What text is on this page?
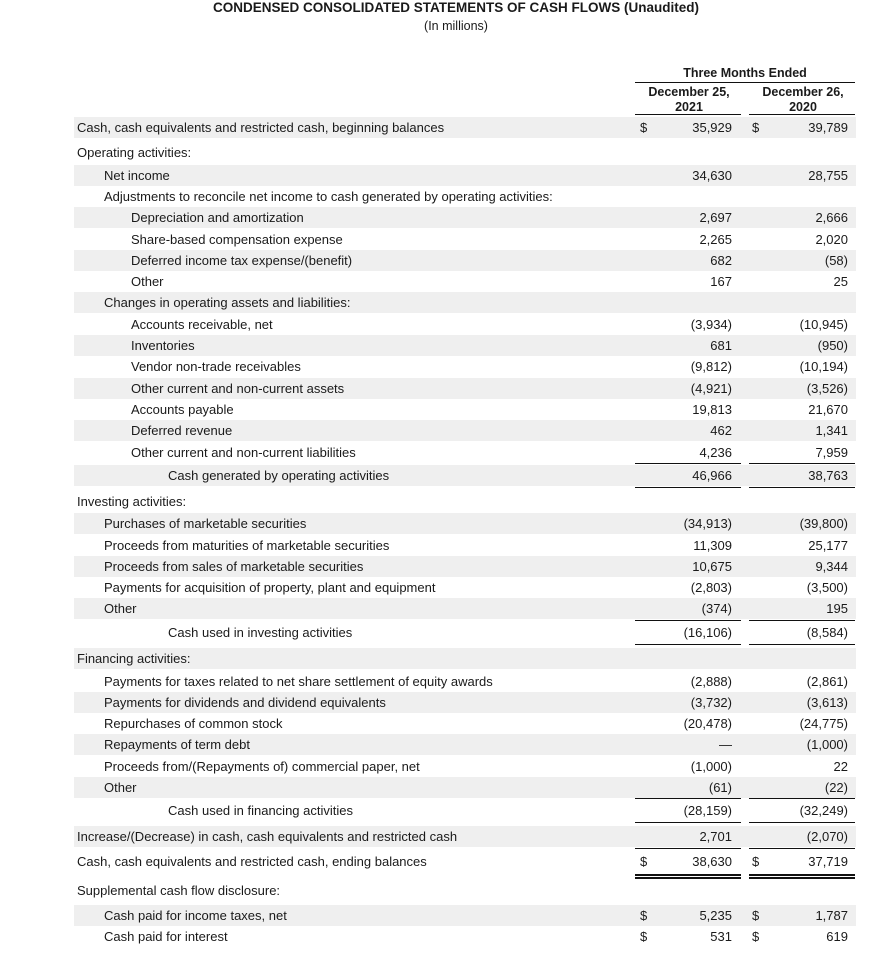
CONDENSED CONSOLIDATED STATEMENTS OF CASH FLOWS (Unaudited)
(In millions)
Three Months Ended
December 25,
2021
December 26,
2020
Cash, cash equivalents and restricted cash, beginning balances	$	35,929 $	39,789
Operating activities:
Net income	34,630	28,755
Adjustments to reconcile net income to cash generated by operating activities:
Depreciation and amortization	2,697	2,666
Share-based compensation expense	2,265	2,020
Deferred income tax expense/(benefit)	682	(58)
Other	167	25
Changes in operating assets and liabilities:
Accounts receivable, net	(3,934)	(10,945)
Inventories	681	(950)
Vendor non-trade receivables	(9,812)	(10,194)
Other current and non-current assets	(4,921)	(3,526)
Accounts payable	19,813	21,670
Deferred revenue	462	1,341
Other current and non-current liabilities	4,236	7,959
Cash generated by operating activities	46,966	38,763
Investing activities:
Purchases of marketable securities	(34,913)	(39,800)
Proceeds from maturities of marketable securities	11,309	25,177
Proceeds from sales of marketable securities	10,675	9,344
Payments for acquisition of property, plant and equipment	(2,803)	(3,500)
Other	(374)	195
Cash used in investing activities	(16,106)	(8,584)
Financing activities:
Payments for taxes related to net share settlement of equity awards	(2,888)	(2,861)
Payments for dividends and dividend equivalents	(3,732)	(3,613)
Repurchases of common stock	(20,478)	(24,775)
Repayments of term debt	—	(1,000)
Proceeds from/(Repayments of) commercial paper, net	(1,000)	22
Other	(61)	(22)
Cash used in financing activities	(28,159)	(32,249)
Increase/(Decrease) in cash, cash equivalents and restricted cash	2,701	(2,070)
Cash, cash equivalents and restricted cash, ending balances	$	38,630 $	37,719
Supplemental cash flow disclosure:
Cash paid for income taxes, net	$	5,235 $	1,787
Cash paid for interest	$	531 $	619
